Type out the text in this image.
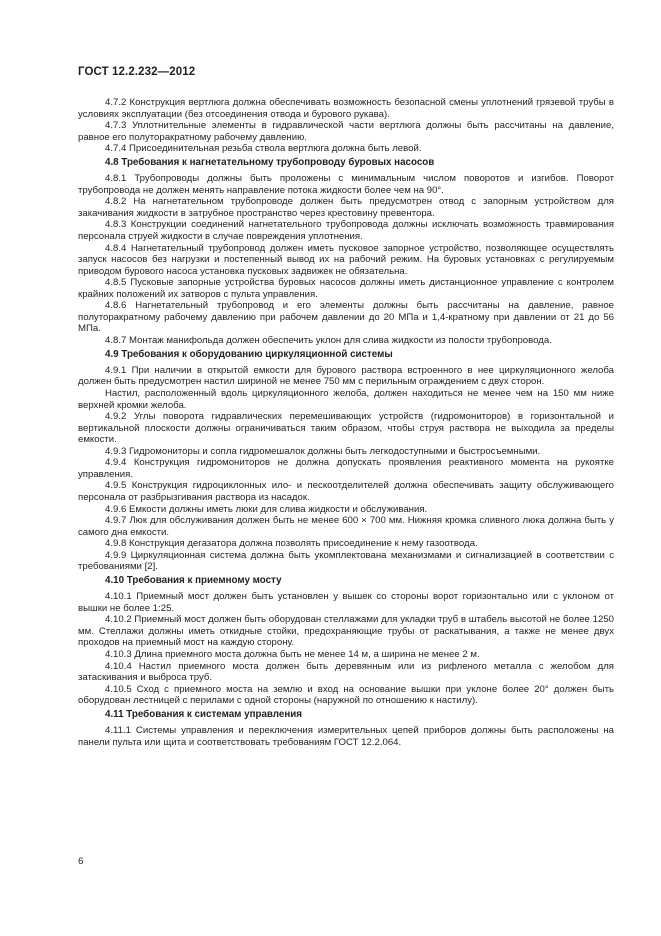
ГОСТ 12.2.232—2012

4.7.2 Конструкция вертлюга должна обеспечивать возможность безопасной смены уплотнений грязевой трубы в условиях эксплуатации (без отсоединения отвода и бурового рукава).

4.7.3 Уплотнительные элементы в гидравлической части вертлюга должны быть рассчитаны на давление, равное его полуторакратному рабочему давлению.

4.7.4 Присоединительная резьба ствола вертлюга должна быть левой.

4.8 Требования к нагнетательному трубопроводу буровых насосов

4.8.1 Трубопроводы должны быть проложены с минимальным числом поворотов и изгибов. Поворот трубопровода не должен менять направление потока жидкости более чем на 90°.

4.8.2 На нагнетательном трубопроводе должен быть предусмотрен отвод с запорным устройством для закачивания жидкости в затрубное пространство через крестовину превентора.

4.8.3 Конструкции соединений нагнетательного трубопровода должны исключать возможность травмирования персонала струей жидкости в случае повреждения уплотнения.

4.8.4 Нагнетательный трубопровод должен иметь пусковое запорное устройство, позволяющее осуществлять запуск насосов без нагрузки и постепенный вывод их на рабочий режим. На буровых установках с регулируемым приводом бурового насоса установка пусковых задвижек не обязательна.

4.8.5 Пусковые запорные устройства буровых насосов должны иметь дистанционное управление с контролем крайних положений их затворов с пульта управления.

4.8.6 Нагнетательный трубопровод и его элементы должны быть рассчитаны на давление, равное полуторакратному рабочему давлению при рабочем давлении до 20 МПа и 1,4-кратному при давлении от 21 до 56 МПа.

4.8.7 Монтаж манифольда должен обеспечить уклон для слива жидкости из полости трубопровода.

4.9 Требования к оборудованию циркуляционной системы

4.9.1 При наличии в открытой емкости для бурового раствора встроенного в нее циркуляционного желоба должен быть предусмотрен настил шириной не менее 750 мм с перильным ограждением с двух сторон.

Настил, расположенный вдоль циркуляционного желоба, должен находиться не менее чем на 150 мм ниже верхней кромки желоба.

4.9.2 Углы поворота гидравлических перемешивающих устройств (гидромониторов) в горизонтальной и вертикальной плоскости должны ограничиваться таким образом, чтобы струя раствора не выходила за пределы емкости.

4.9.3 Гидромониторы и сопла гидромешалок должны быть легкодоступными и быстросъемными.

4.9.4 Конструкция гидромониторов не должна допускать проявления реактивного момента на рукоятке управления.

4.9.5 Конструкция гидроциклонных ило- и пескоотделителей должна обеспечивать защиту обслуживающего персонала от разбрызгивания раствора из насадок.

4.9.6 Емкости должны иметь люки для слива жидкости и обслуживания.

4.9.7 Люк для обслуживания должен быть не менее 600 × 700 мм. Нижняя кромка сливного люка должна быть у самого дна емкости.

4.9.8 Конструкция дегазатора должна позволять присоединение к нему газоотвода.

4.9.9 Циркуляционная система должна быть укомплектована механизмами и сигнализацией в соответствии с требованиями [2].

4.10 Требования к приемному мосту

4.10.1 Приемный мост должен быть установлен у вышек со стороны ворот горизонтально или с уклоном от вышки не более 1:25.

4.10.2 Приемный мост должен быть оборудован стеллажами для укладки труб в штабель высотой не более 1250 мм. Стеллажи должны иметь откидные стойки, предохраняющие трубы от раскатывания, а также не менее двух проходов на приемный мост на каждую сторону.

4.10.3 Длина приемного моста должна быть не менее 14 м, а ширина не менее 2 м.

4.10.4 Настил приемного моста должен быть деревянным или из рифленого металла с желобом для затаскивания и выброса труб.

4.10.5 Сход с приемного моста на землю и вход на основание вышки при уклоне более 20° должен быть оборудован лестницей с перилами с одной стороны (наружной по отношению к настилу).

4.11 Требования к системам управления

4.11.1 Системы управления и переключения измерительных цепей приборов должны быть расположены на панели пульта или щита и соответствовать требованиям ГОСТ 12.2.064.

6
